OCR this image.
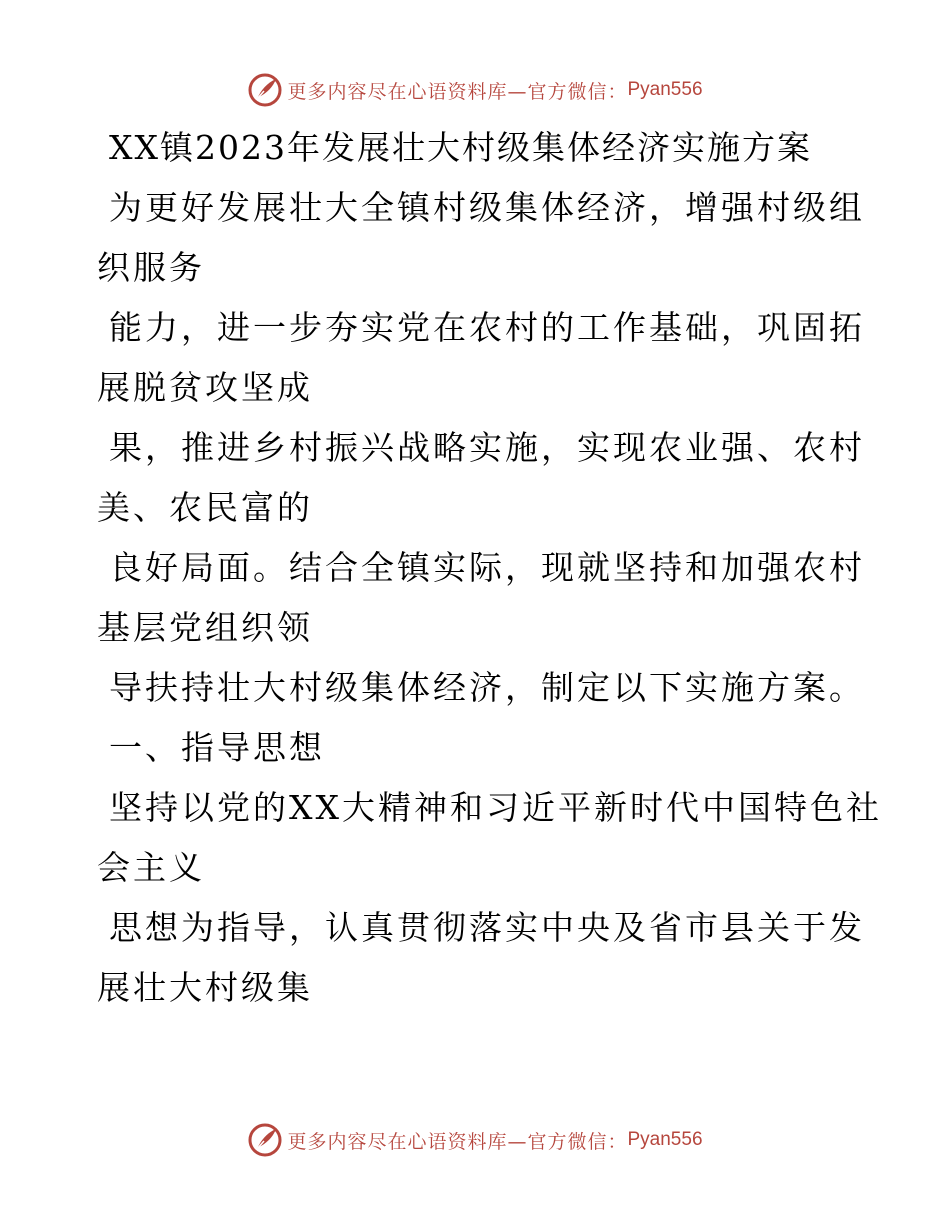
更多内容尽在心语资料库—官方微信： Pyan556

XX镇2023年发展壮大村级集体经济实施方案

为更好发展壮大全镇村级集体经济，增强村级组

织服务

能力，进一步夯实党在农村的工作基础，巩固拓

展脱贫攻坚成

果，推进乡村振兴战略实施，实现农业强、农村

美、农民富的

良好局面。结合全镇实际，现就坚持和加强农村

基层党组织领

导扶持壮大村级集体经济，制定以下实施方案。

一、指导思想

坚持以党的XX大精神和习近平新时代中国特色社

会主义

思想为指导，认真贯彻落实中央及省市县关于发

展壮大村级集

更多内容尽在心语资料库—官方微信： Pyan556
